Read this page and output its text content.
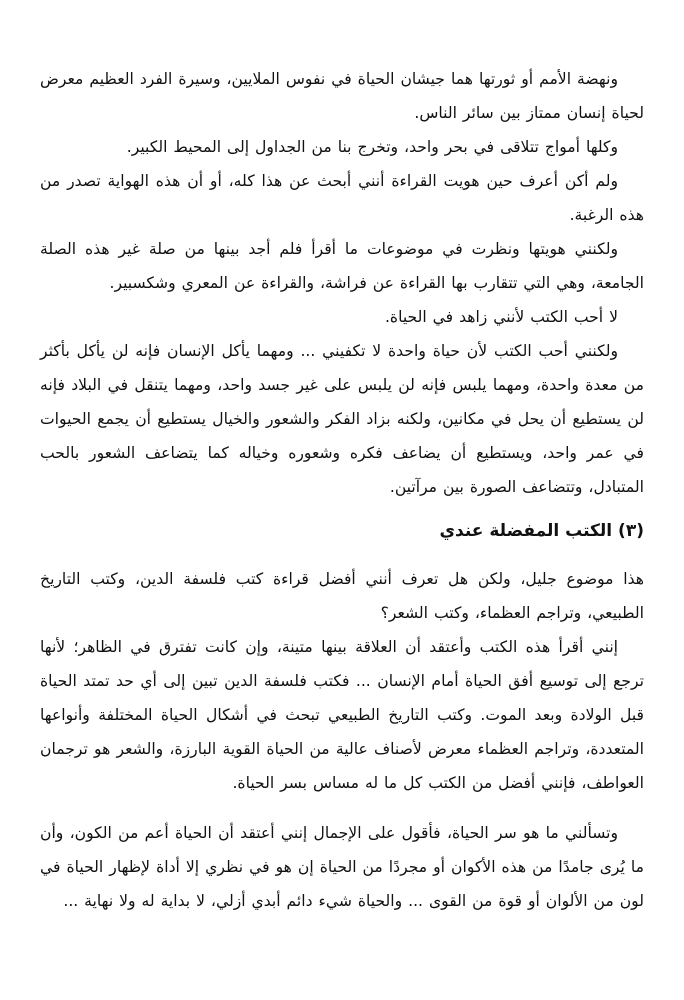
ونهضة الأمم أو ثورتها هما جيشان الحياة في نفوس الملايين، وسيرة الفرد العظيم معرض لحياة إنسان ممتاز بين سائر الناس.

وكلها أمواج تتلاقى في بحر واحد، وتخرج بنا من الجداول إلى المحيط الكبير.

ولم أكن أعرف حين هويت القراءة أنني أبحث عن هذا كله، أو أن هذه الهواية تصدر من هذه الرغبة.

ولكنني هويتها ونظرت في موضوعات ما أقرأ فلم أجد بينها من صلة غير هذه الصلة الجامعة، وهي التي تتقارب بها القراءة عن فراشة، والقراءة عن المعري وشكسبير.

لا أحب الكتب لأنني زاهد في الحياة.

ولكنني أحب الكتب لأن حياة واحدة لا تكفيني ... ومهما يأكل الإنسان فإنه لن يأكل بأكثر من معدة واحدة، ومهما يلبس فإنه لن يلبس على غير جسد واحد، ومهما يتنقل في البلاد فإنه لن يستطيع أن يحل في مكانين، ولكنه بزاد الفكر والشعور والخيال يستطيع أن يجمع الحيوات في عمر واحد، ويستطيع أن يضاعف فكره وشعوره وخياله كما يتضاعف الشعور بالحب المتبادل، وتتضاعف الصورة بين مرآتين.

(٣) الكتب المفضلة عندي

هذا موضوع جليل، ولكن هل تعرف أنني أفضل قراءة كتب فلسفة الدين، وكتب التاريخ الطبيعي، وتراجم العظماء، وكتب الشعر؟

إنني أقرأ هذه الكتب وأعتقد أن العلاقة بينها متينة، وإن كانت تفترق في الظاهر؛ لأنها ترجع إلى توسيع أفق الحياة أمام الإنسان ... فكتب فلسفة الدين تبين إلى أي حد تمتد الحياة قبل الولادة وبعد الموت. وكتب التاريخ الطبيعي تبحث في أشكال الحياة المختلفة وأنواعها المتعددة، وتراجم العظماء معرض لأصناف عالية من الحياة القوية البارزة، والشعر هو ترجمان العواطف، فإنني أفضل من الكتب كل ما له مساس بسر الحياة.

وتسألني ما هو سر الحياة، فأقول على الإجمال إنني أعتقد أن الحياة أعم من الكون، وأن ما يُرى جامدًا من هذه الأكوان أو مجردًا من الحياة إن هو في نظري إلا أداة لإظهار الحياة في لون من الألوان أو قوة من القوى ... والحياة شيء دائم أبدي أزلي، لا بداية له ولا نهاية ...
